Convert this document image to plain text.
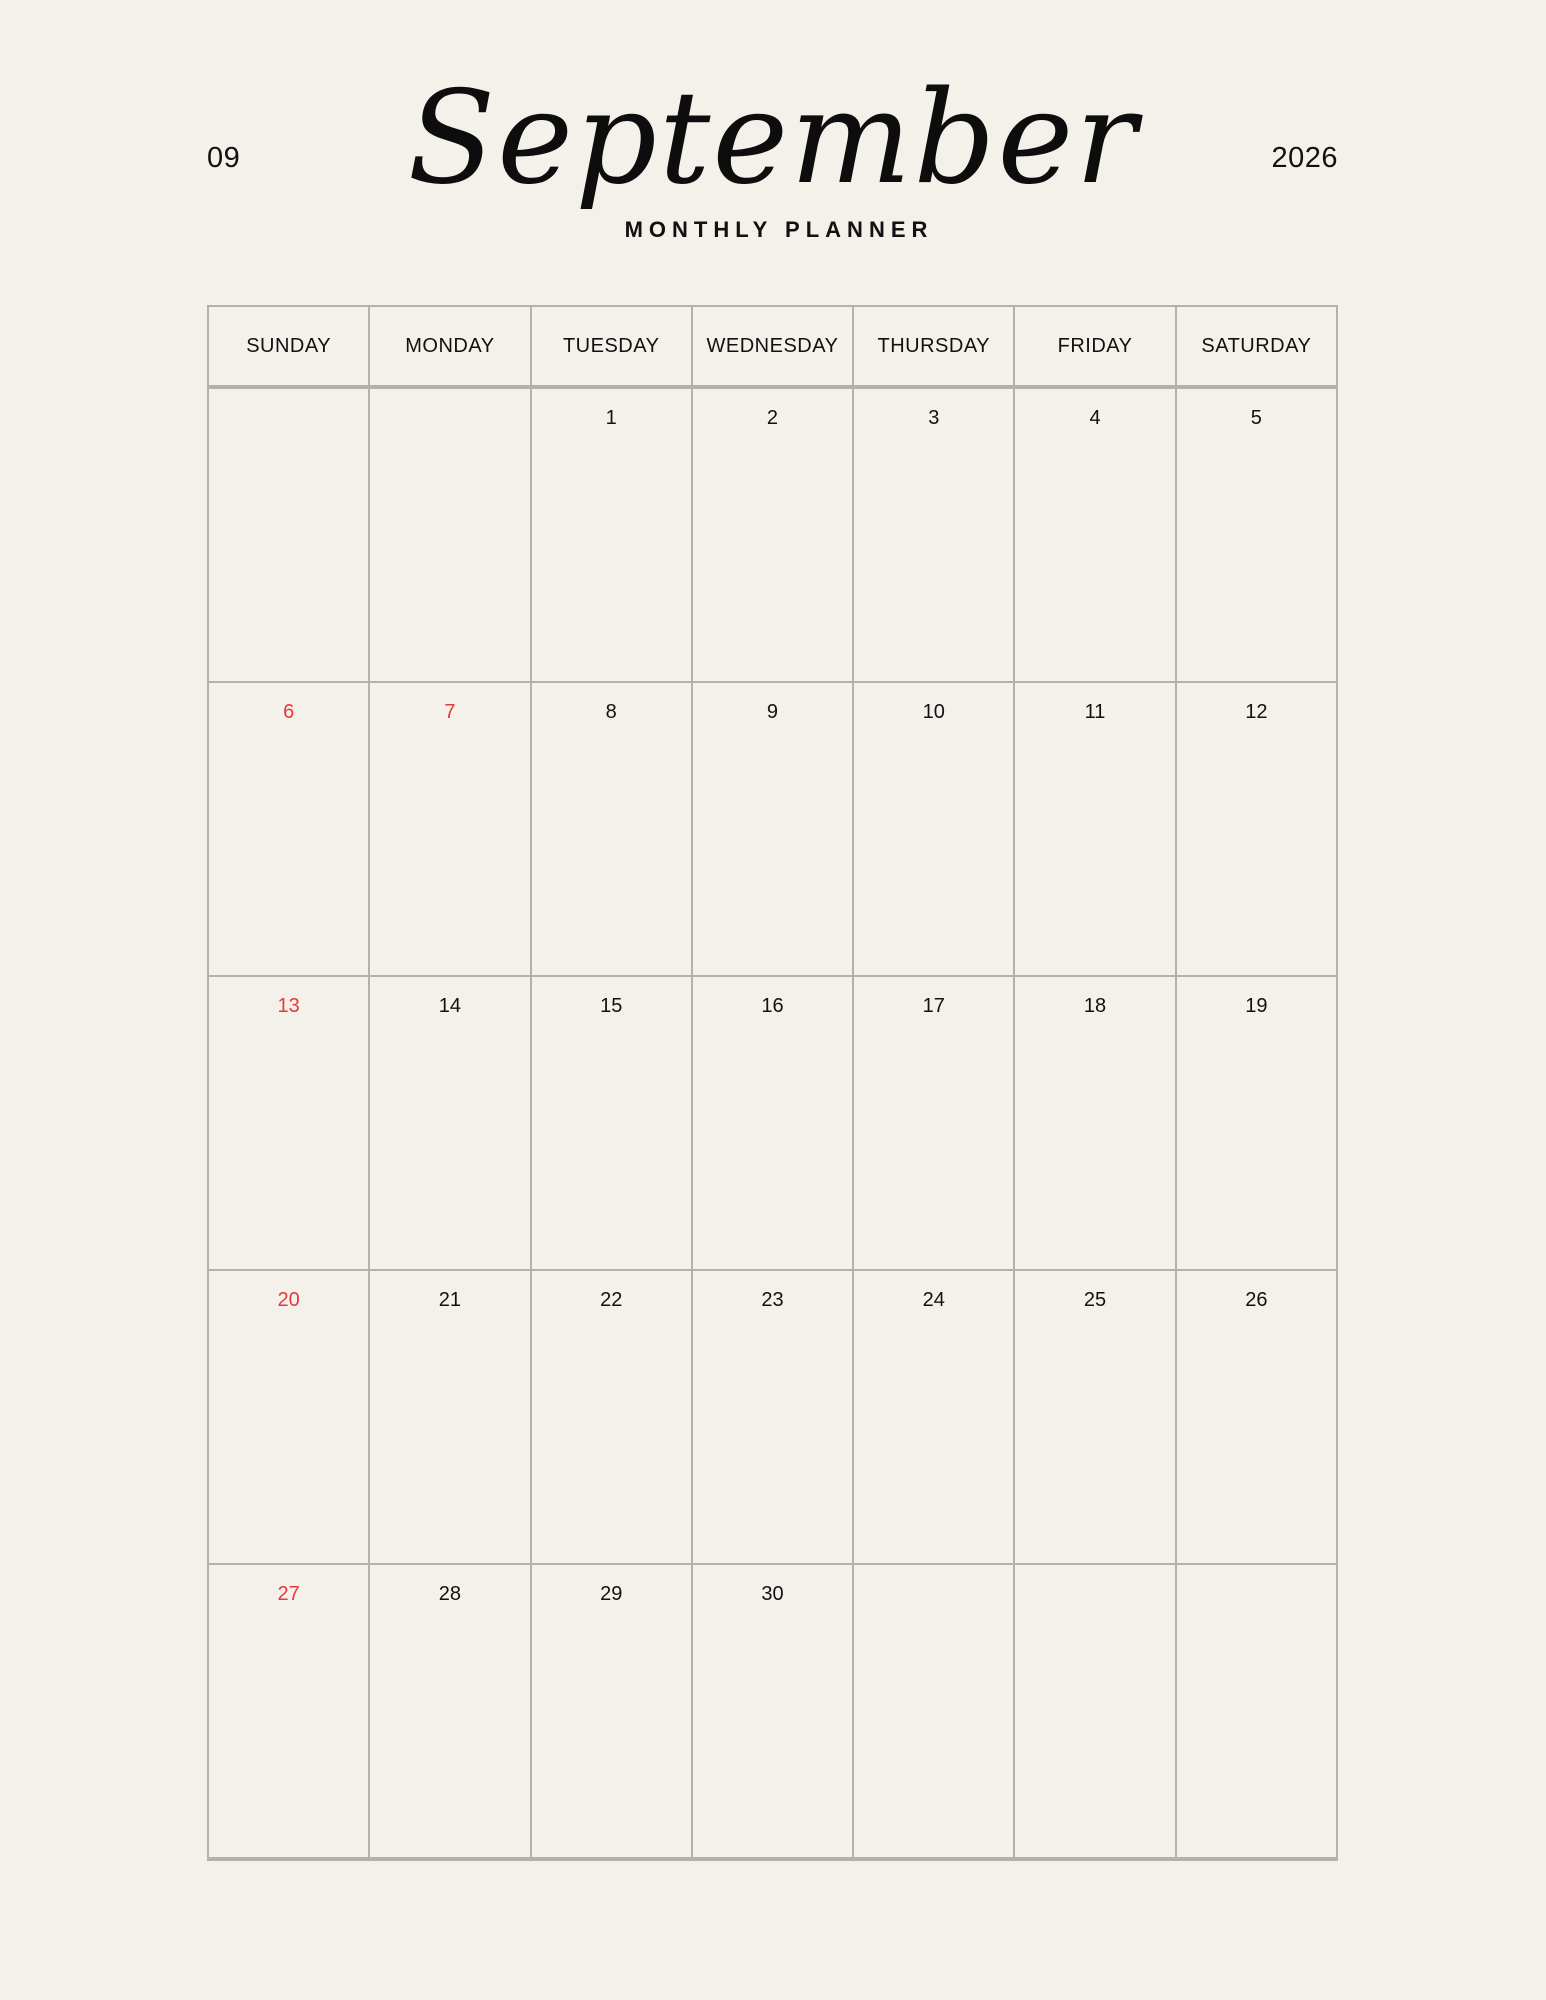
09	September	2026
MONTHLY PLANNER
SUNDAY	MONDAY	TUESDAY	WEDNESDAY	THURSDAY	FRIDAY	SATURDAY

		1	2	3	4	5

6	7	8	9	10	11	12

13	14	15	16	17	18	19

20	21	22	23	24	25	26

27	28	29	30			
